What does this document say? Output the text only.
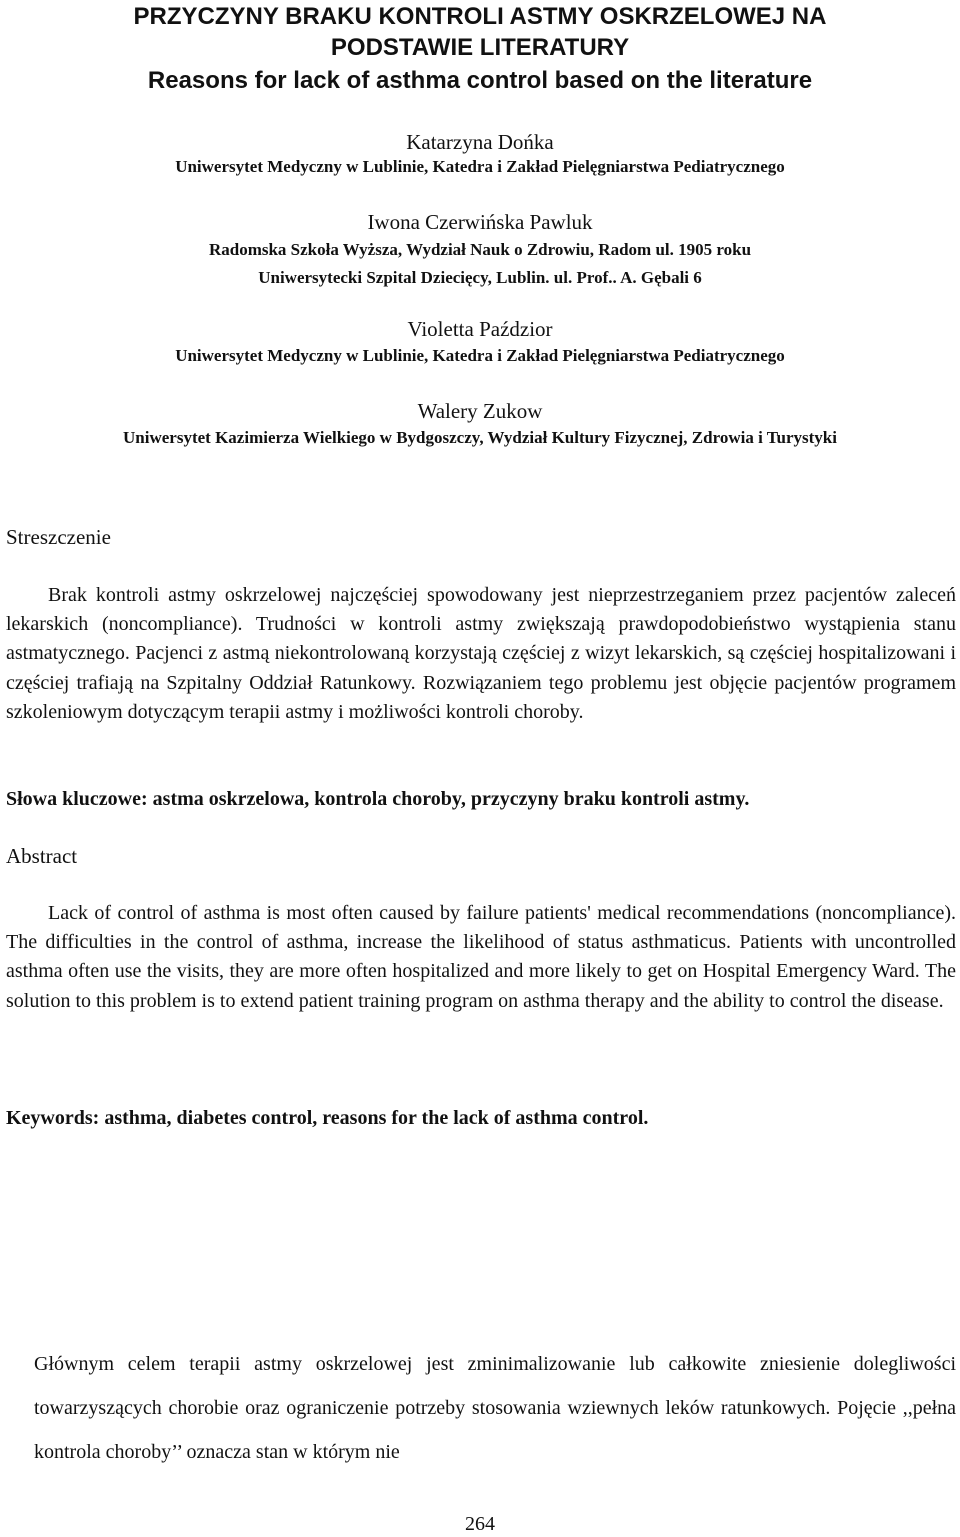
PRZYCZYNY BRAKU KONTROLI ASTMY OSKRZELOWEJ NA
PODSTAWIE LITERATURY
Reasons for lack of asthma control based on the literature
Katarzyna Dońka
Uniwersytet Medyczny w Lublinie, Katedra i Zakład Pielęgniarstwa Pediatrycznego
Iwona Czerwińska Pawluk
Radomska Szkoła Wyższa, Wydział Nauk o Zdrowiu, Radom ul. 1905 roku
Uniwersytecki Szpital Dziecięcy, Lublin. ul. Prof.. A. Gębali 6
Violetta Paździor
Uniwersytet Medyczny w Lublinie, Katedra i Zakład Pielęgniarstwa Pediatrycznego
Walery Zukow
Uniwersytet Kazimierza Wielkiego w Bydgoszczy, Wydział Kultury Fizycznej, Zdrowia i Turystyki
Streszczenie
Brak kontroli astmy oskrzelowej najczęściej spowodowany jest nieprzestrzeganiem przez pacjentów zaleceń lekarskich (noncompliance). Trudności w kontroli astmy zwiększają prawdopodobieństwo wystąpienia stanu astmatycznego. Pacjenci z astmą niekontrolowaną korzystają częściej z wizyt lekarskich, są częściej hospitalizowani i częściej trafiają na Szpitalny Oddział Ratunkowy. Rozwiązaniem tego problemu jest objęcie pacjentów programem szkoleniowym dotyczącym terapii astmy i możliwości kontroli choroby.
Słowa kluczowe: astma oskrzelowa, kontrola choroby, przyczyny braku kontroli astmy.
Abstract
Lack of control of asthma is most often caused by failure patients' medical recommendations (noncompliance). The difficulties in the control of asthma, increase the likelihood of status asthmaticus. Patients with uncontrolled asthma often use the visits, they are more often hospitalized and more likely to get on Hospital Emergency Ward. The solution to this problem is to extend patient training program on asthma therapy and the ability to control the disease.
Keywords: asthma, diabetes control, reasons for the lack of asthma control.
Głównym celem terapii astmy oskrzelowej jest zminimalizowanie lub całkowite zniesienie dolegliwości towarzyszących chorobie oraz ograniczenie potrzeby stosowania wziewnych leków ratunkowych. Pojęcie ,,pełna kontrola choroby’’ oznacza stan w którym nie
264
